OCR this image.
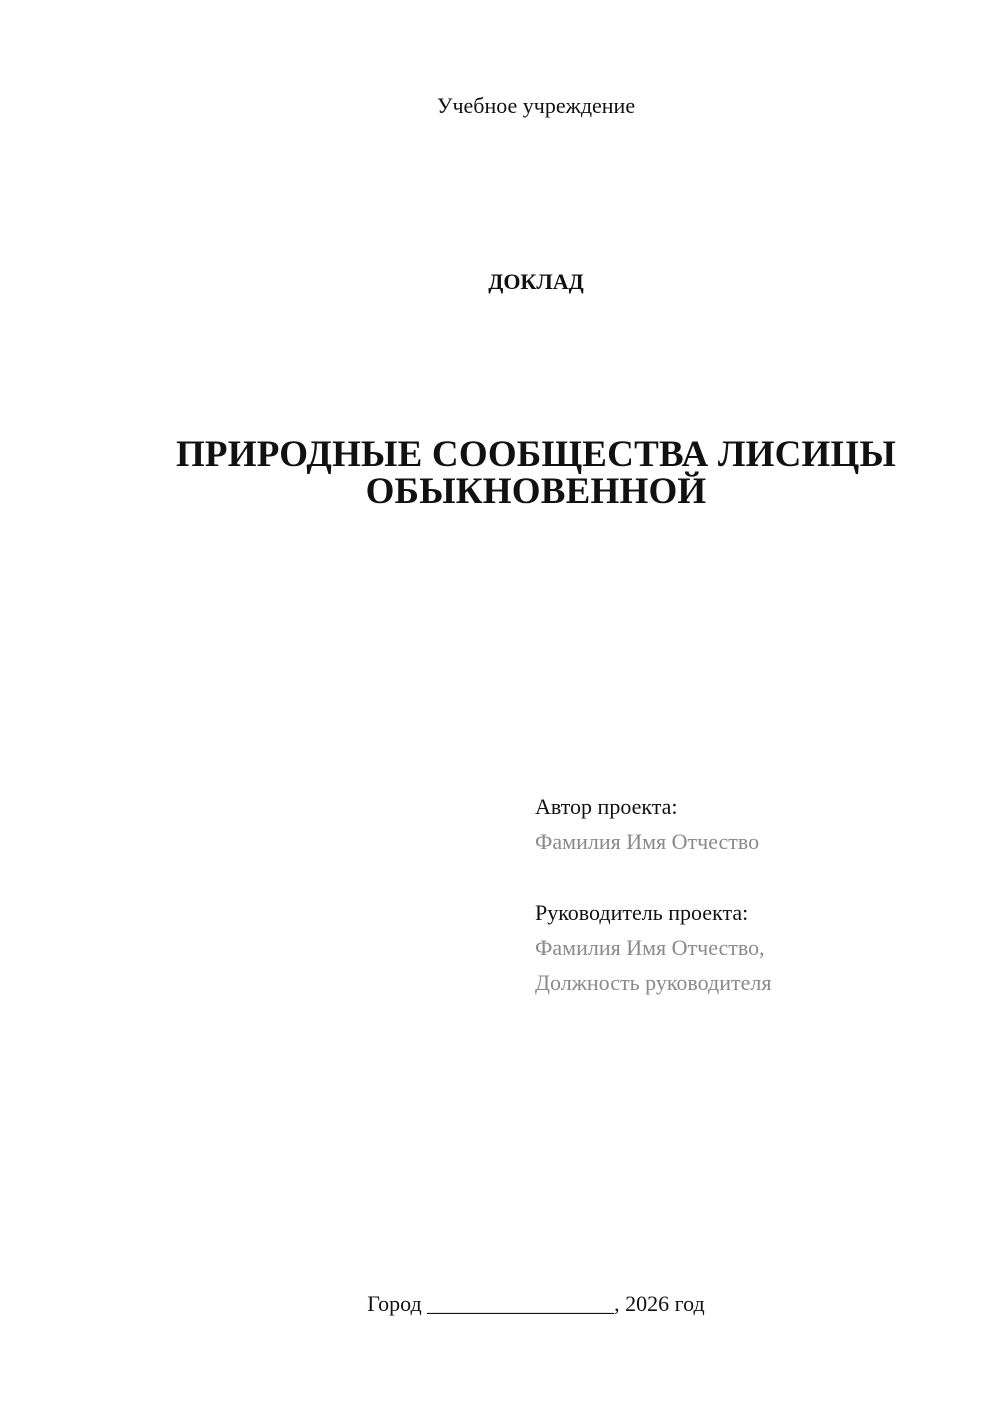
Учебное учреждение
ДОКЛАД
ПРИРОДНЫЕ СООБЩЕСТВА ЛИСИЦЫ
ОБЫКНОВЕННОЙ
Автор проекта:
Фамилия Имя Отчество
Руководитель проекта:
Фамилия Имя Отчество,
Должность руководителя
Город _________________, 2026 год
